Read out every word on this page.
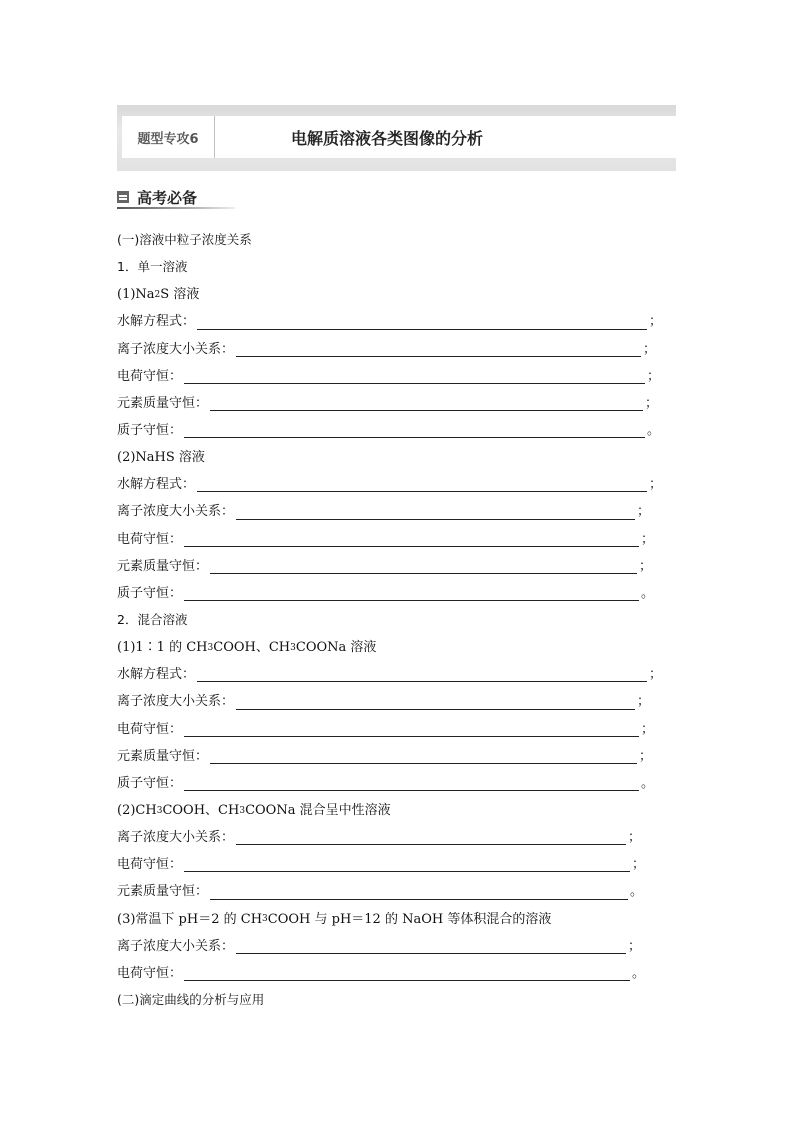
题型专攻6	电解质溶液各类图像的分析
高考必备
(一)溶液中粒子浓度关系
1．单一溶液
(1)Na 2 S 溶液
水解方程式：	；
离子浓度大小关系：	；
电荷守恒：	；
元素质量守恒：	；
质子守恒：	。
(2)NaHS 溶液
水解方程式：	；
离子浓度大小关系：	；
电荷守恒：	；
元素质量守恒：	；
质子守恒：	。
2．混合溶液
(1)1∶1 的 CH 3 COOH、CH 3 COONa 溶液
水解方程式：	；
离子浓度大小关系：	；
电荷守恒：	；
元素质量守恒：	；
质子守恒：	。
(2)CH 3 COOH、CH 3 COONa 混合呈中性溶液
离子浓度大小关系：	；
电荷守恒：	；
元素质量守恒：	。
(3)常温下 pH＝2 的 CH 3 COOH 与 pH＝12 的 NaOH 等体积混合的溶液
离子浓度大小关系：	；
电荷守恒：	。
(二)滴定曲线的分析与应用
